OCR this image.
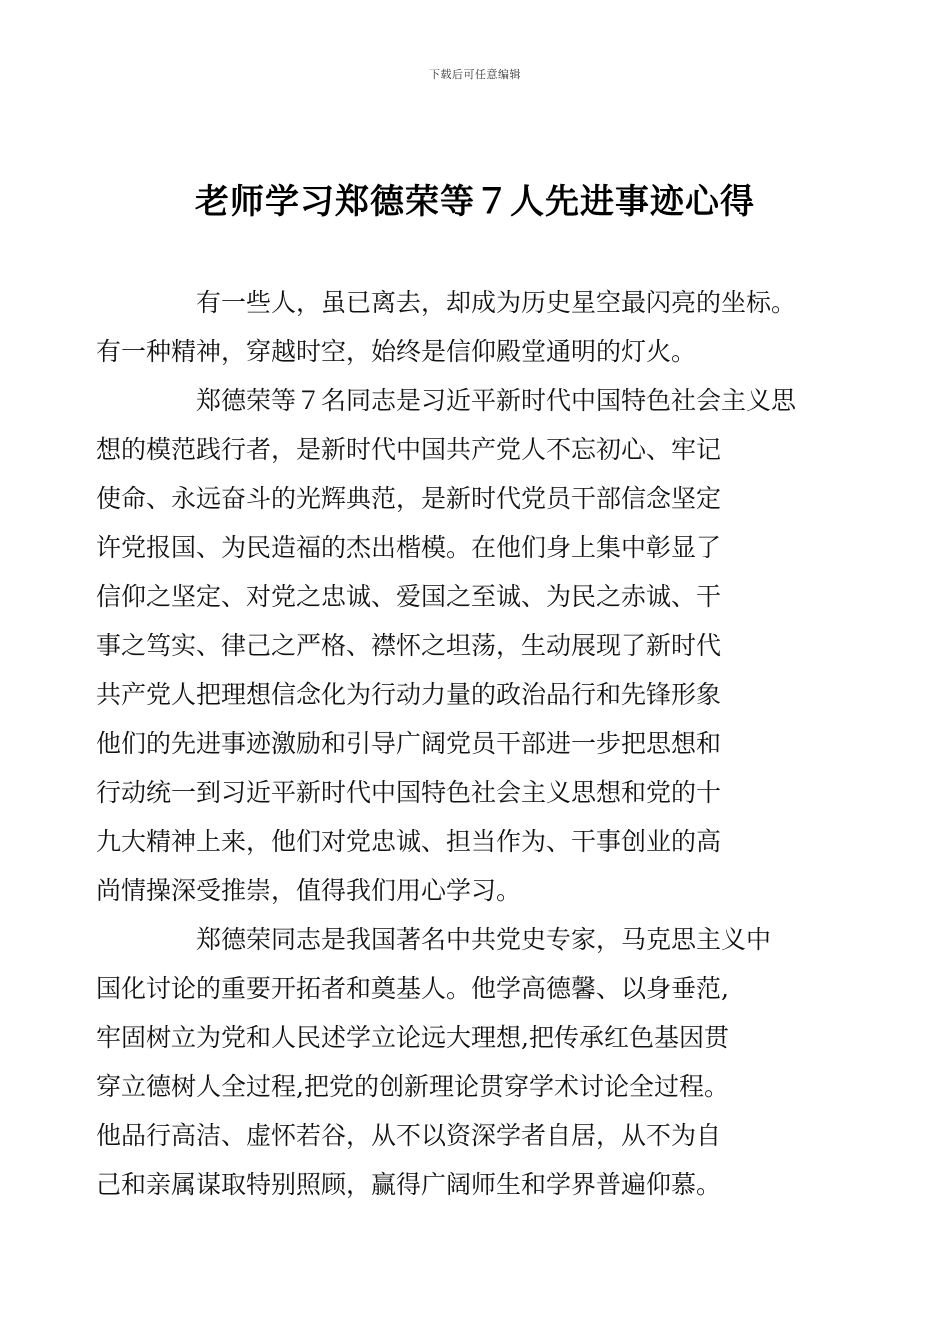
下载后可任意编辑
老师学习郑德荣等７人先进事迹心得

有一些人，虽已离去，却成为历史星空最闪亮的坐标。
有一种精神，穿越时空，始终是信仰殿堂通明的灯火。

郑德荣等７名同志是习近平新时代中国特色社会主义思
想的模范践行者，是新时代中国共产党人不忘初心、牢记
使命、永远奋斗的光辉典范，是新时代党员干部信念坚定
许党报国、为民造福的杰出楷模。在他们身上集中彰显了
信仰之坚定、对党之忠诚、爱国之至诚、为民之赤诚、干
事之笃实、律己之严格、襟怀之坦荡，生动展现了新时代
共产党人把理想信念化为行动力量的政治品行和先锋形象
他们的先进事迹激励和引导广阔党员干部进一步把思想和
行动统一到习近平新时代中国特色社会主义思想和党的十
九大精神上来，他们对党忠诚、担当作为、干事创业的高
尚情操深受推崇，值得我们用心学习。

郑德荣同志是我国著名中共党史专家，马克思主义中
国化讨论的重要开拓者和奠基人。他学高德馨、以身垂范,
牢固树立为党和人民述学立论远大理想,把传承红色基因贯
穿立德树人全过程,把党的创新理论贯穿学术讨论全过程。
他品行高洁、虚怀若谷，从不以资深学者自居，从不为自
己和亲属谋取特别照顾，赢得广阔师生和学界普遍仰慕。
